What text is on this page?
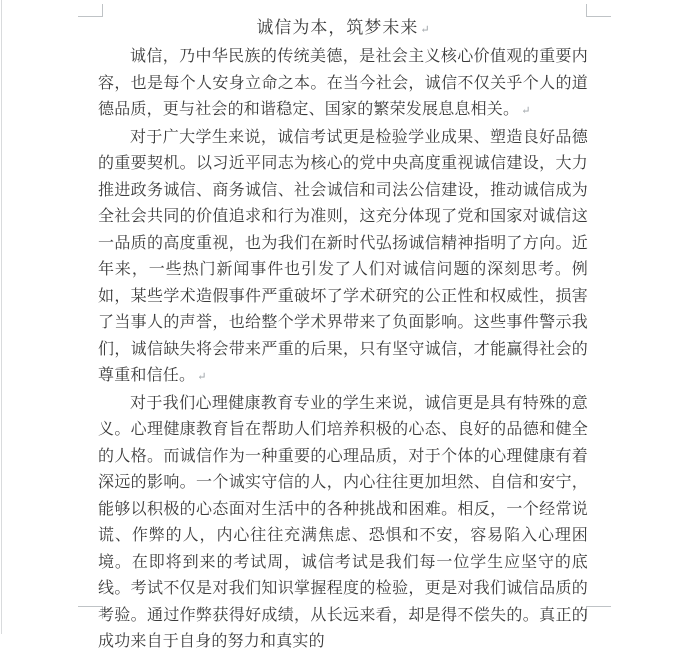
诚信为本，筑梦未来 ↵

诚信，乃中华民族的传统美德，是社会主义核心价值观的重要内容，也是每个人安身立命之本。在当今社会，诚信不仅关乎个人的道德品质，更与社会的和谐稳定、国家的繁荣发展息息相关。 ↵

对于广大学生来说，诚信考试更是检验学业成果、塑造良好品德的重要契机。以习近平同志为核心的党中央高度重视诚信建设，大力推进政务诚信、商务诚信、社会诚信和司法公信建设，推动诚信成为全社会共同的价值追求和行为准则，这充分体现了党和国家对诚信这一品质的高度重视，也为我们在新时代弘扬诚信精神指明了方向。近年来，一些热门新闻事件也引发了人们对诚信问题的深刻思考。例如，某些学术造假事件严重破坏了学术研究的公正性和权威性，损害了当事人的声誉，也给整个学术界带来了负面影响。这些事件警示我们，诚信缺失将会带来严重的后果，只有坚守诚信，才能赢得社会的尊重和信任。 ↵

对于我们心理健康教育专业的学生来说，诚信更是具有特殊的意义。心理健康教育旨在帮助人们培养积极的心态、良好的品德和健全的人格。而诚信作为一种重要的心理品质，对于个体的心理健康有着深远的影响。一个诚实守信的人，内心往往更加坦然、自信和安宁，能够以积极的心态面对生活中的各种挑战和困难。相反，一个经常说谎、作弊的人，内心往往充满焦虑、恐惧和不安，容易陷入心理困境。在即将到来的考试周，诚信考试是我们每一位学生应坚守的底线。考试不仅是对我们知识掌握程度的检验，更是对我们诚信品质的考验。通过作弊获得好成绩，从长远来看，却是得不偿失的。真正的成功来自于自身的努力和真实的
